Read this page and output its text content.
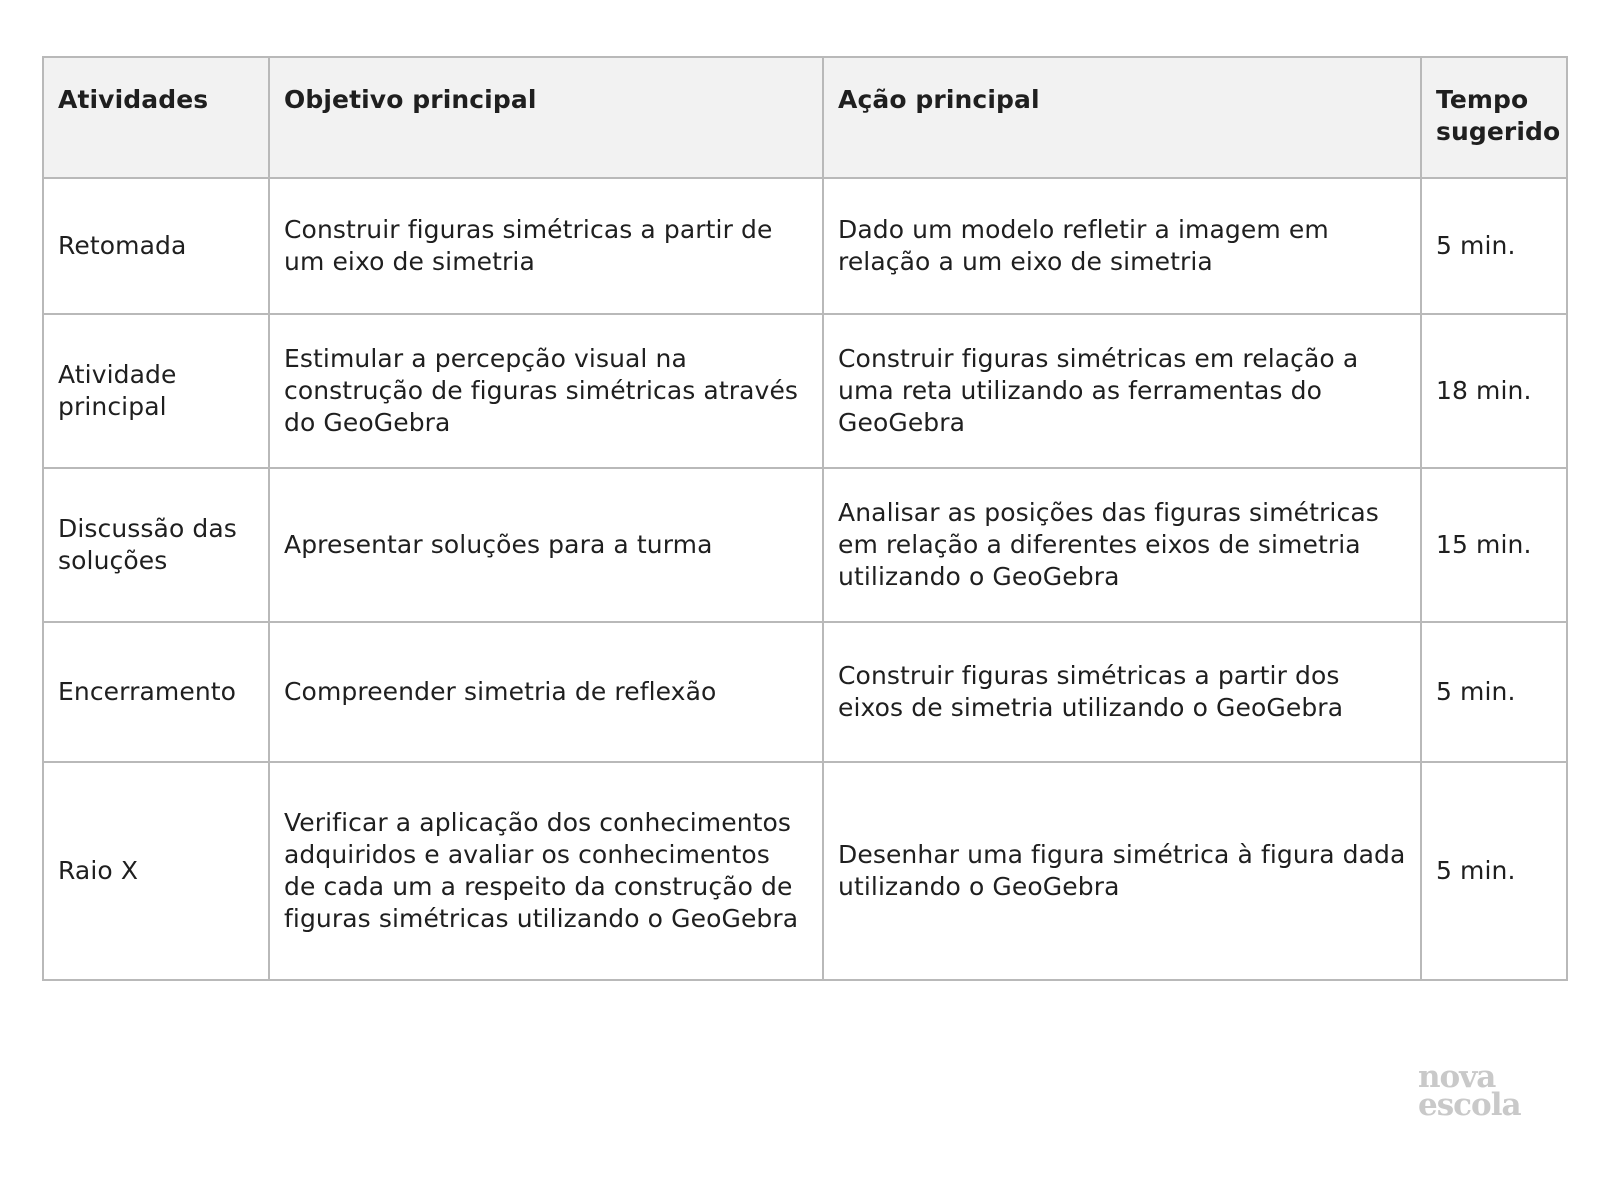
Atividades	Objetivo principal	Ação principal	Tempo sugerido
Retomada	Construir figuras simétricas a partir de um eixo de simetria	Dado um modelo refletir a imagem em relação a um eixo de simetria	5 min.
Atividade principal	Estimular a percepção visual na construção de figuras simétricas através do GeoGebra	Construir figuras simétricas em relação a uma reta utilizando as ferramentas do GeoGebra	18 min.
Discussão das soluções	Apresentar soluções para a turma	Analisar as posições das figuras simétricas em relação a diferentes eixos de simetria utilizando o GeoGebra	15 min.
Encerramento	Compreender simetria de reflexão	Construir figuras simétricas a partir dos eixos de simetria utilizando o GeoGebra	5 min.
Raio X	Verificar a aplicação dos conhecimentos adquiridos e avaliar os conhecimentos de cada um a respeito da construção de figuras simétricas utilizando o GeoGebra	Desenhar uma figura simétrica à figura dada utilizando o GeoGebra	5 min.
nova
escola
